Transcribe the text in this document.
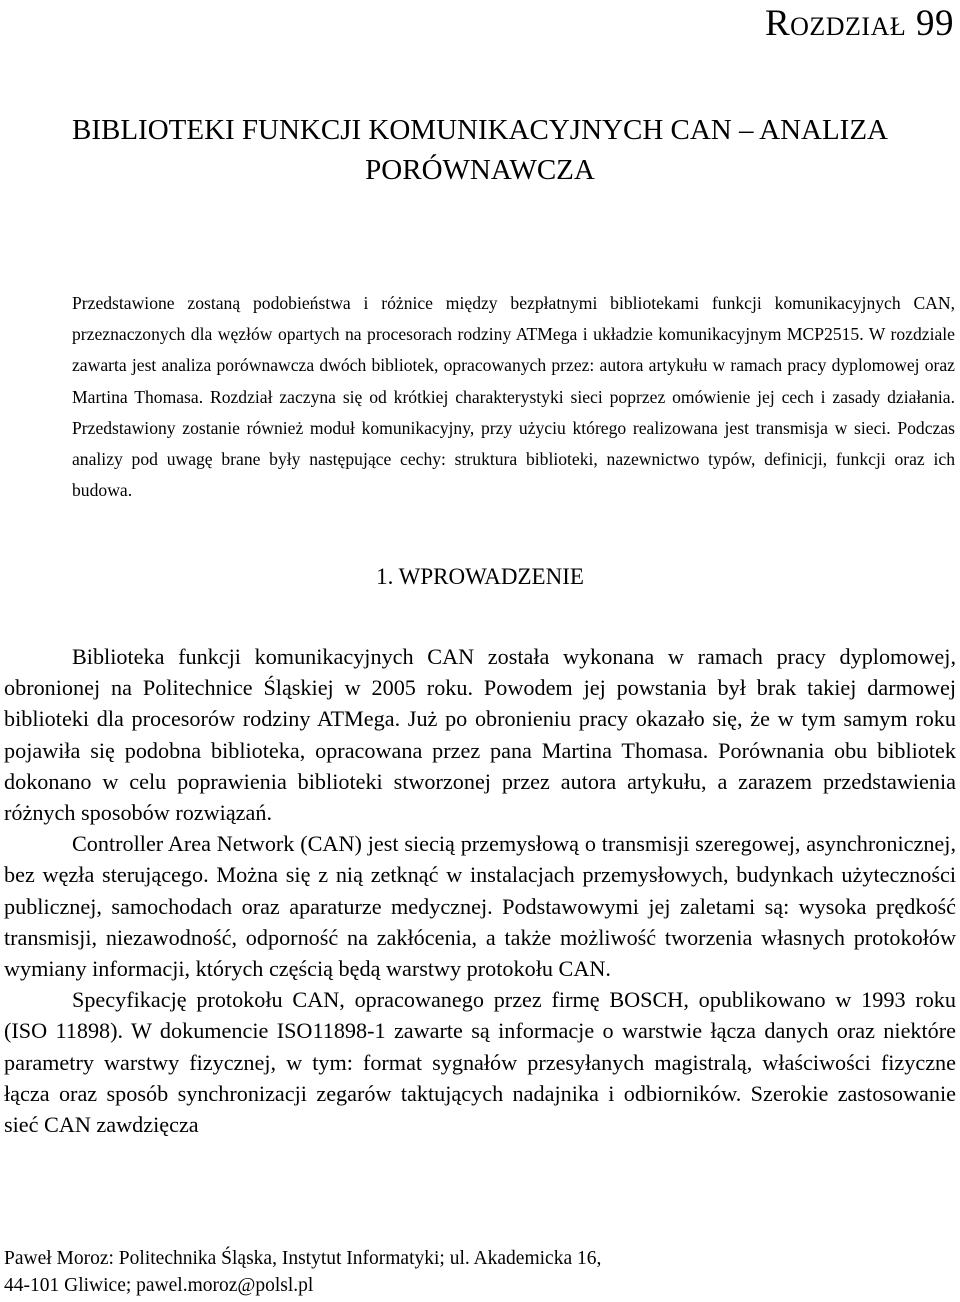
Rozdział 99
BIBLIOTEKI FUNKCJI KOMUNIKACYJNYCH CAN – ANALIZA PORÓWNAWCZA
Przedstawione zostaną podobieństwa i różnice między bezpłatnymi bibliotekami funkcji komunikacyjnych CAN, przeznaczonych dla węzłów opartych na procesorach rodziny ATMega i układzie komunikacyjnym MCP2515. W rozdziale zawarta jest analiza porównawcza dwóch bibliotek, opracowanych przez: autora artykułu w ramach pracy dyplomowej oraz Martina Thomasa. Rozdział zaczyna się od krótkiej charakterystyki sieci poprzez omówienie jej cech i zasady działania. Przedstawiony zostanie również moduł komunikacyjny, przy użyciu którego realizowana jest transmisja w sieci. Podczas analizy pod uwagę brane były następujące cechy: struktura biblioteki, nazewnictwo typów, definicji, funkcji oraz ich budowa.
1. WPROWADZENIE

Biblioteka funkcji komunikacyjnych CAN została wykonana w ramach pracy dyplomowej, obronionej na Politechnice Śląskiej w 2005 roku. Powodem jej powstania był brak takiej darmowej biblioteki dla procesorów rodziny ATMega. Już po obronieniu pracy okazało się, że w tym samym roku pojawiła się podobna biblioteka, opracowana przez pana Martina Thomasa. Porównania obu bibliotek dokonano w celu poprawienia biblioteki stworzonej przez autora artykułu, a zarazem przedstawienia różnych sposobów rozwiązań.

Controller Area Network (CAN) jest siecią przemysłową o transmisji szeregowej, asynchronicznej, bez węzła sterującego. Można się z nią zetknąć w instalacjach przemysłowych, budynkach użyteczności publicznej, samochodach oraz aparaturze medycznej. Podstawowymi jej zaletami są: wysoka prędkość transmisji, niezawodność, odporność na zakłócenia, a także możliwość tworzenia własnych protokołów wymiany informacji, których częścią będą warstwy protokołu CAN.

Specyfikację protokołu CAN, opracowanego przez firmę BOSCH, opublikowano w 1993 roku (ISO 11898). W dokumencie ISO11898-1 zawarte są informacje o warstwie łącza danych oraz niektóre parametry warstwy fizycznej, w tym: format sygnałów przesyłanych magistralą, właściwości fizyczne łącza oraz sposób synchronizacji zegarów taktujących nadajnika i odbiorników. Szerokie zastosowanie sieć CAN zawdzięcza

Paweł Moroz: Politechnika Śląska, Instytut Informatyki; ul. Akademicka 16,
44-101 Gliwice; pawel.moroz@polsl.pl
